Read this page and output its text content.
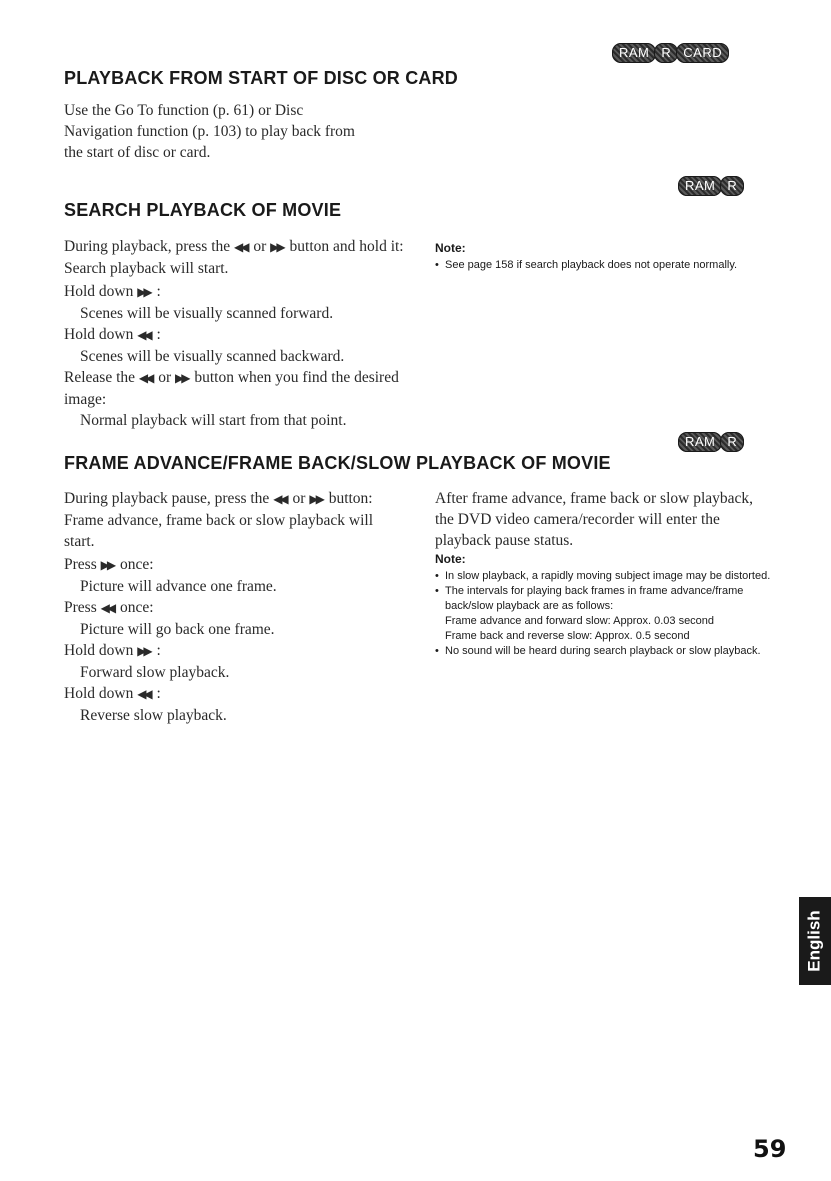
RAM R CARD
PLAYBACK FROM START OF DISC OR CARD

Use the Go To function (p. 61) or Disc

Navigation function (p. 103) to play back from

the start of disc or card.

RAM R
SEARCH PLAYBACK OF MOVIE

During playback, press the ◀◀ or ▶▶ button and hold it: Search playback will start.

Hold down ▶▶ :

Scenes will be visually scanned forward.

Hold down ◀◀ :

Scenes will be visually scanned backward.

Release the ◀◀ or ▶▶ button when you find the desired image:

Normal playback will start from that point.

Note:

• See page 158 if search playback does not operate normally.
RAM R
FRAME ADVANCE/FRAME BACK/SLOW PLAYBACK OF MOVIE

During playback pause, press the ◀◀ or ▶▶ button: Frame advance, frame back or slow playback will start.

Press ▶▶ once:

Picture will advance one frame.

Press ◀◀ once:

Picture will go back one frame.

Hold down ▶▶ :

Forward slow playback.

Hold down ◀◀ :

Reverse slow playback.

After frame advance, frame back or slow playback, the DVD video camera/recorder will enter the playback pause status.

Note:

• In slow playback, a rapidly moving subject image may be distorted.
• The intervals for playing back frames in frame advance/frame back/slow playback are as follows:
Frame advance and forward slow: Approx. 0.03 second
Frame back and reverse slow: Approx. 0.5 second
• No sound will be heard during search playback or slow playback.
English
59
